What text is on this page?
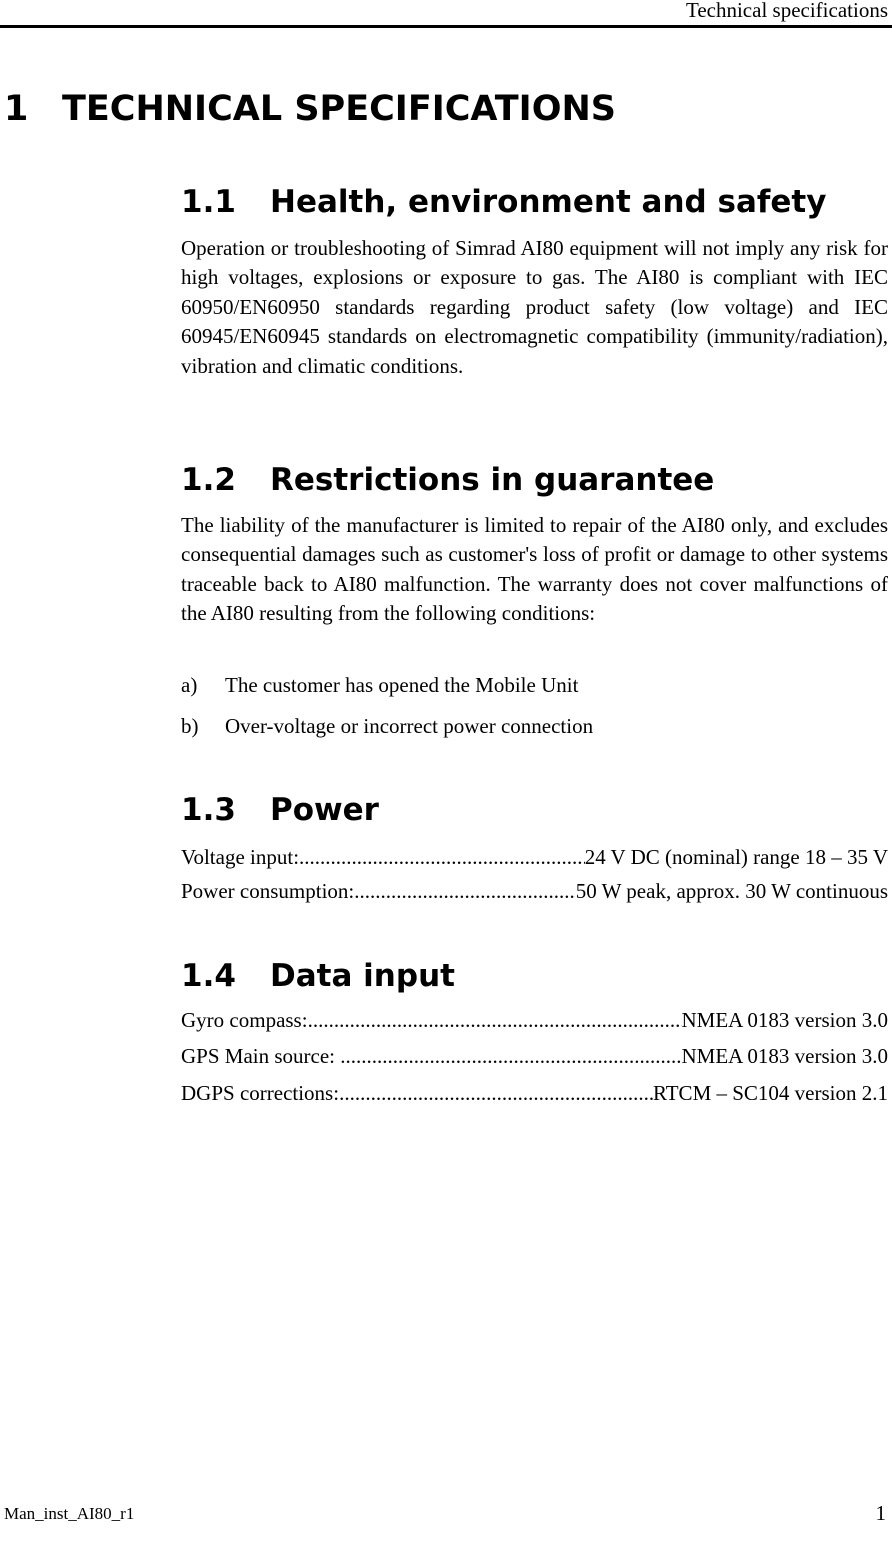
Technical specifications
1 TECHNICAL SPECIFICATIONS
1.1 Health, environment and safety

Operation or troubleshooting of Simrad AI80 equipment will not imply any risk for high voltages, explosions or exposure to gas. The AI80 is compliant with IEC 60950/EN60950 standards regarding product safety (low voltage) and IEC 60945/EN60945 standards on electromagnetic compatibility (immunity/radiation), vibration and climatic conditions.

1.2 Restrictions in guarantee

The liability of the manufacturer is limited to repair of the AI80 only, and excludes consequential damages such as customer's loss of profit or damage to other systems traceable back to AI80 malfunction. The warranty does not cover malfunctions of the AI80 resulting from the following conditions:

a) The customer has opened the Mobile Unit
b) Over-voltage or incorrect power connection
1.3 Power
Voltage input: .....	24 V DC (nominal) range 18 – 35 V
Power consumption: .....	50 W peak, approx. 30 W continuous
1.4 Data input
Gyro compass: .....	NMEA 0183 version 3.0
GPS Main source: .....	NMEA 0183 version 3.0
DGPS corrections: .....	RTCM – SC104 version 2.1
Man_inst_AI80_r1	1
